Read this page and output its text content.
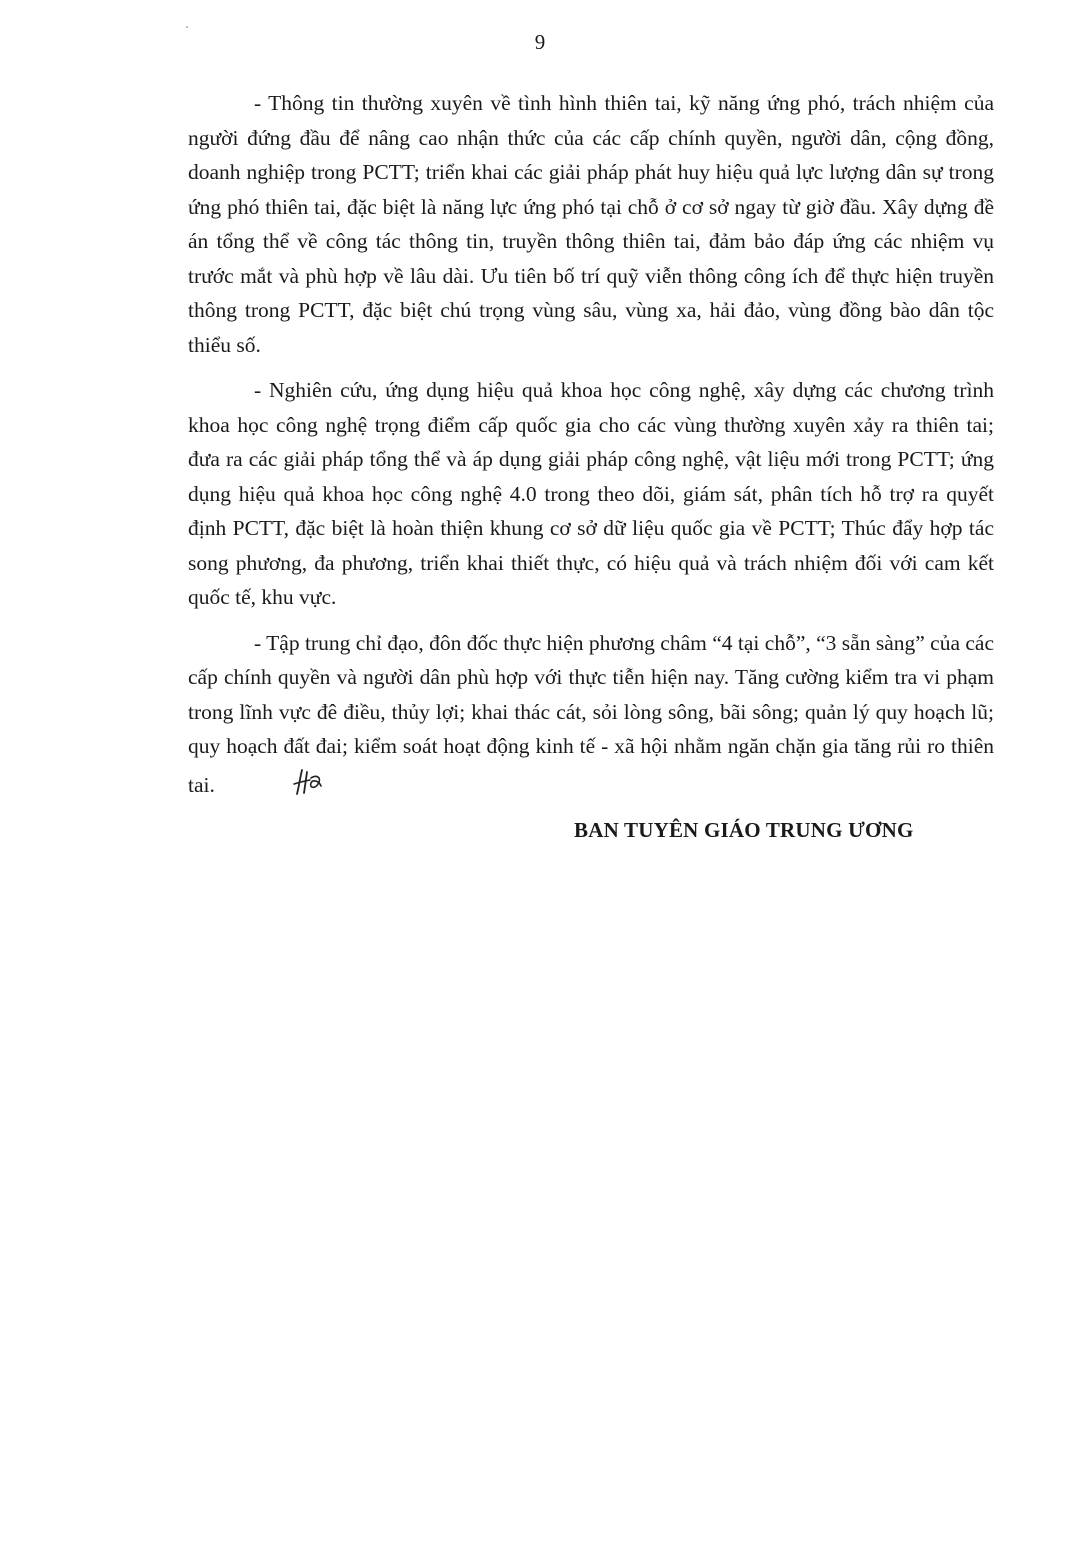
9

- Thông tin thường xuyên về tình hình thiên tai, kỹ năng ứng phó, trách nhiệm của người đứng đầu để nâng cao nhận thức của các cấp chính quyền, người dân, cộng đồng, doanh nghiệp trong PCTT; triển khai các giải pháp phát huy hiệu quả lực lượng dân sự trong ứng phó thiên tai, đặc biệt là năng lực ứng phó tại chỗ ở cơ sở ngay từ giờ đầu. Xây dựng đề án tổng thể về công tác thông tin, truyền thông thiên tai, đảm bảo đáp ứng các nhiệm vụ trước mắt và phù hợp về lâu dài. Ưu tiên bố trí quỹ viễn thông công ích để thực hiện truyền thông trong PCTT, đặc biệt chú trọng vùng sâu, vùng xa, hải đảo, vùng đồng bào dân tộc thiểu số.

- Nghiên cứu, ứng dụng hiệu quả khoa học công nghệ, xây dựng các chương trình khoa học công nghệ trọng điểm cấp quốc gia cho các vùng thường xuyên xảy ra thiên tai; đưa ra các giải pháp tổng thể và áp dụng giải pháp công nghệ, vật liệu mới trong PCTT; ứng dụng hiệu quả khoa học công nghệ 4.0 trong theo dõi, giám sát, phân tích hỗ trợ ra quyết định PCTT, đặc biệt là hoàn thiện khung cơ sở dữ liệu quốc gia về PCTT; Thúc đẩy hợp tác song phương, đa phương, triển khai thiết thực, có hiệu quả và trách nhiệm đối với cam kết quốc tế, khu vực.

- Tập trung chỉ đạo, đôn đốc thực hiện phương châm “4 tại chỗ”, “3 sẵn sàng” của các cấp chính quyền và người dân phù hợp với thực tiễn hiện nay. Tăng cường kiểm tra vi phạm trong lĩnh vực đê điều, thủy lợi; khai thác cát, sỏi lòng sông, bãi sông; quản lý quy hoạch lũ; quy hoạch đất đai; kiểm soát hoạt động kinh tế - xã hội nhằm ngăn chặn gia tăng rủi ro thiên tai.

BAN TUYÊN GIÁO TRUNG ƯƠNG
